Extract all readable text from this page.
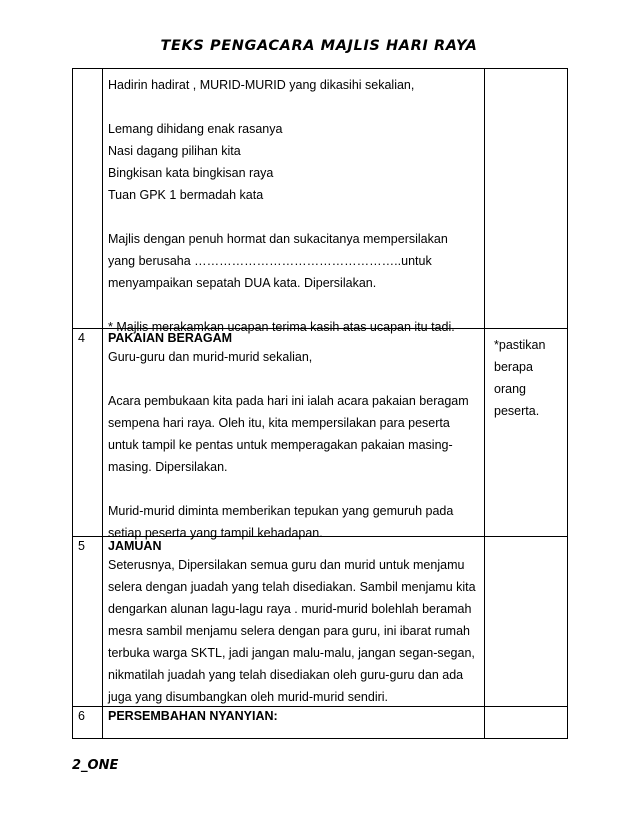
TEKS PENGACARA MAJLIS HARI RAYA

Hadirin hadirat , MURID-MURID yang dikasihi sekalian,

Lemang dihidang enak rasanya

Nasi dagang pilihan kita

Bingkisan kata bingkisan raya

Tuan GPK 1 bermadah kata

Majlis dengan penuh hormat dan sukacitanya mempersilakan

yang berusaha …………………………………………..untuk

menyampaikan sepatah DUA kata. Dipersilakan.

* Majlis merakamkan ucapan terima kasih atas ucapan itu tadi.

4 PAKAIAN BERAGAM

Guru-guru dan murid-murid sekalian,

Acara pembukaan kita pada hari ini ialah acara pakaian beragam

sempena hari raya. Oleh itu, kita mempersilakan para peserta

untuk tampil ke pentas untuk memperagakan pakaian masing-

masing. Dipersilakan.

Murid-murid diminta memberikan tepukan yang gemuruh pada

setiap peserta yang tampil kehadapan.

*pastikan
berapa orang
peserta.
5 JAMUAN

Seterusnya, Dipersilakan semua guru dan murid untuk menjamu

selera dengan juadah yang telah disediakan. Sambil menjamu kita

dengarkan alunan lagu-lagu raya . murid-murid bolehlah beramah

mesra sambil menjamu selera dengan para guru, ini ibarat rumah

terbuka warga SKTL, jadi jangan malu-malu, jangan segan-segan,

nikmatilah juadah yang telah disediakan oleh guru-guru dan ada

juga yang disumbangkan oleh murid-murid sendiri.

6 PERSEMBAHAN NYANYIAN:

2_ONE
